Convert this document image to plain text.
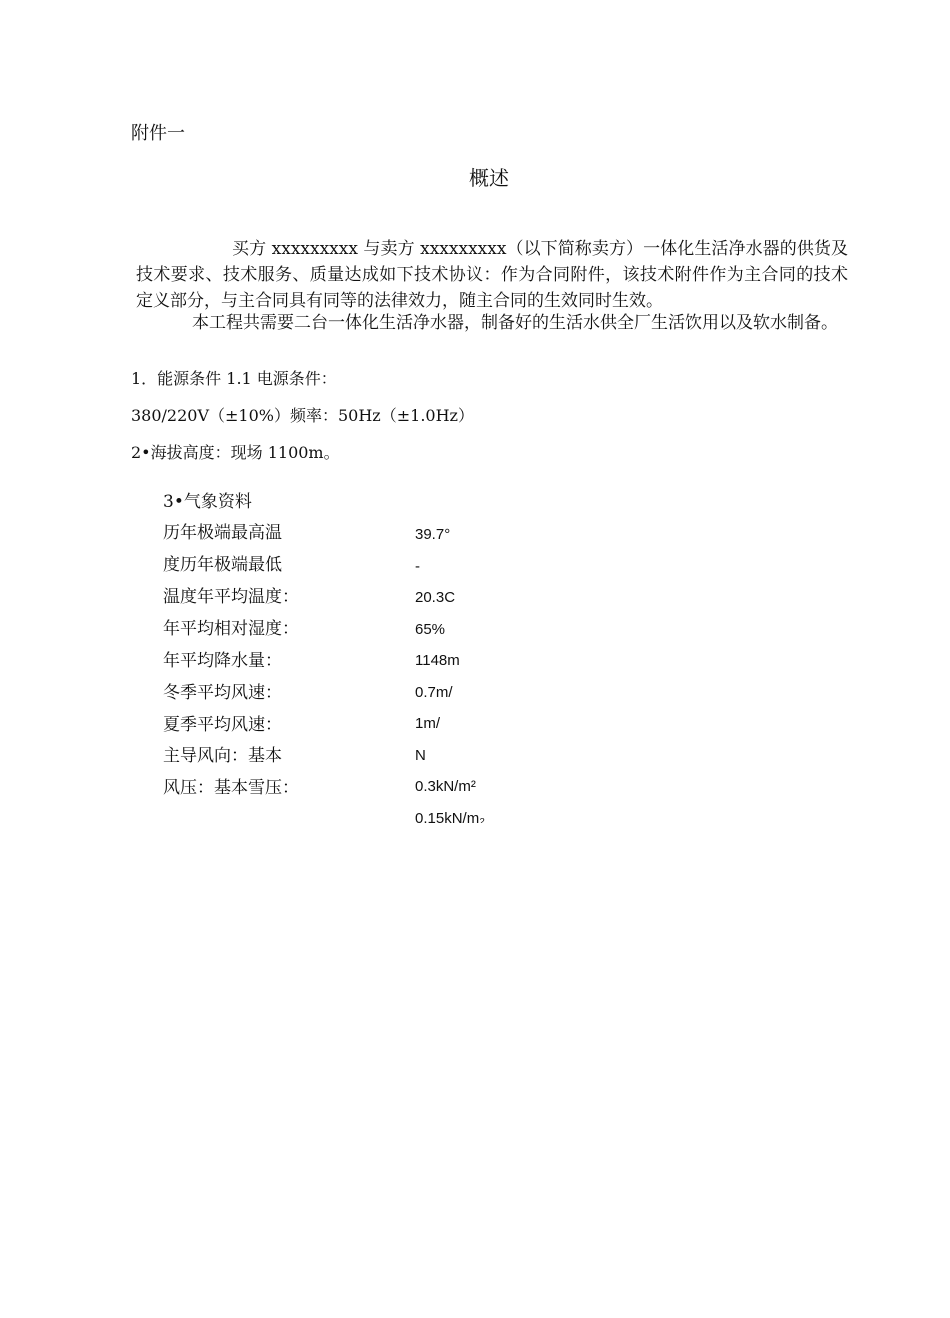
附件一
概述
买方 xxxxxxxxx 与卖方 xxxxxxxxx（以下简称卖方）一体化生活净水器的供货及技术要求、技术服务、质量达成如下技术协议：作为合同附件，该技术附件作为主合同的技术定义部分，与主合同具有同等的法律效力，随主合同的生效同时生效。
本工程共需要二台一体化生活净水器，制备好的生活水供全厂生活饮用以及软水制备。
1．能源条件 1.1 电源条件：
380/220V（±10%）频率：50Hz（±1.0Hz）
2•海拔高度：现场 1100m。
3•气象资料
历年极端最高温
度历年极端最低
温度年平均温度：
年平均相对湿度：
年平均降水量：
冬季平均风速：
夏季平均风速：
主导风向：基本
风压：基本雪压：
39.7°
-
20.3C
65%
1148m
0.7m/
1m/
N
0.3kN/m²
0.15kN/m₂
